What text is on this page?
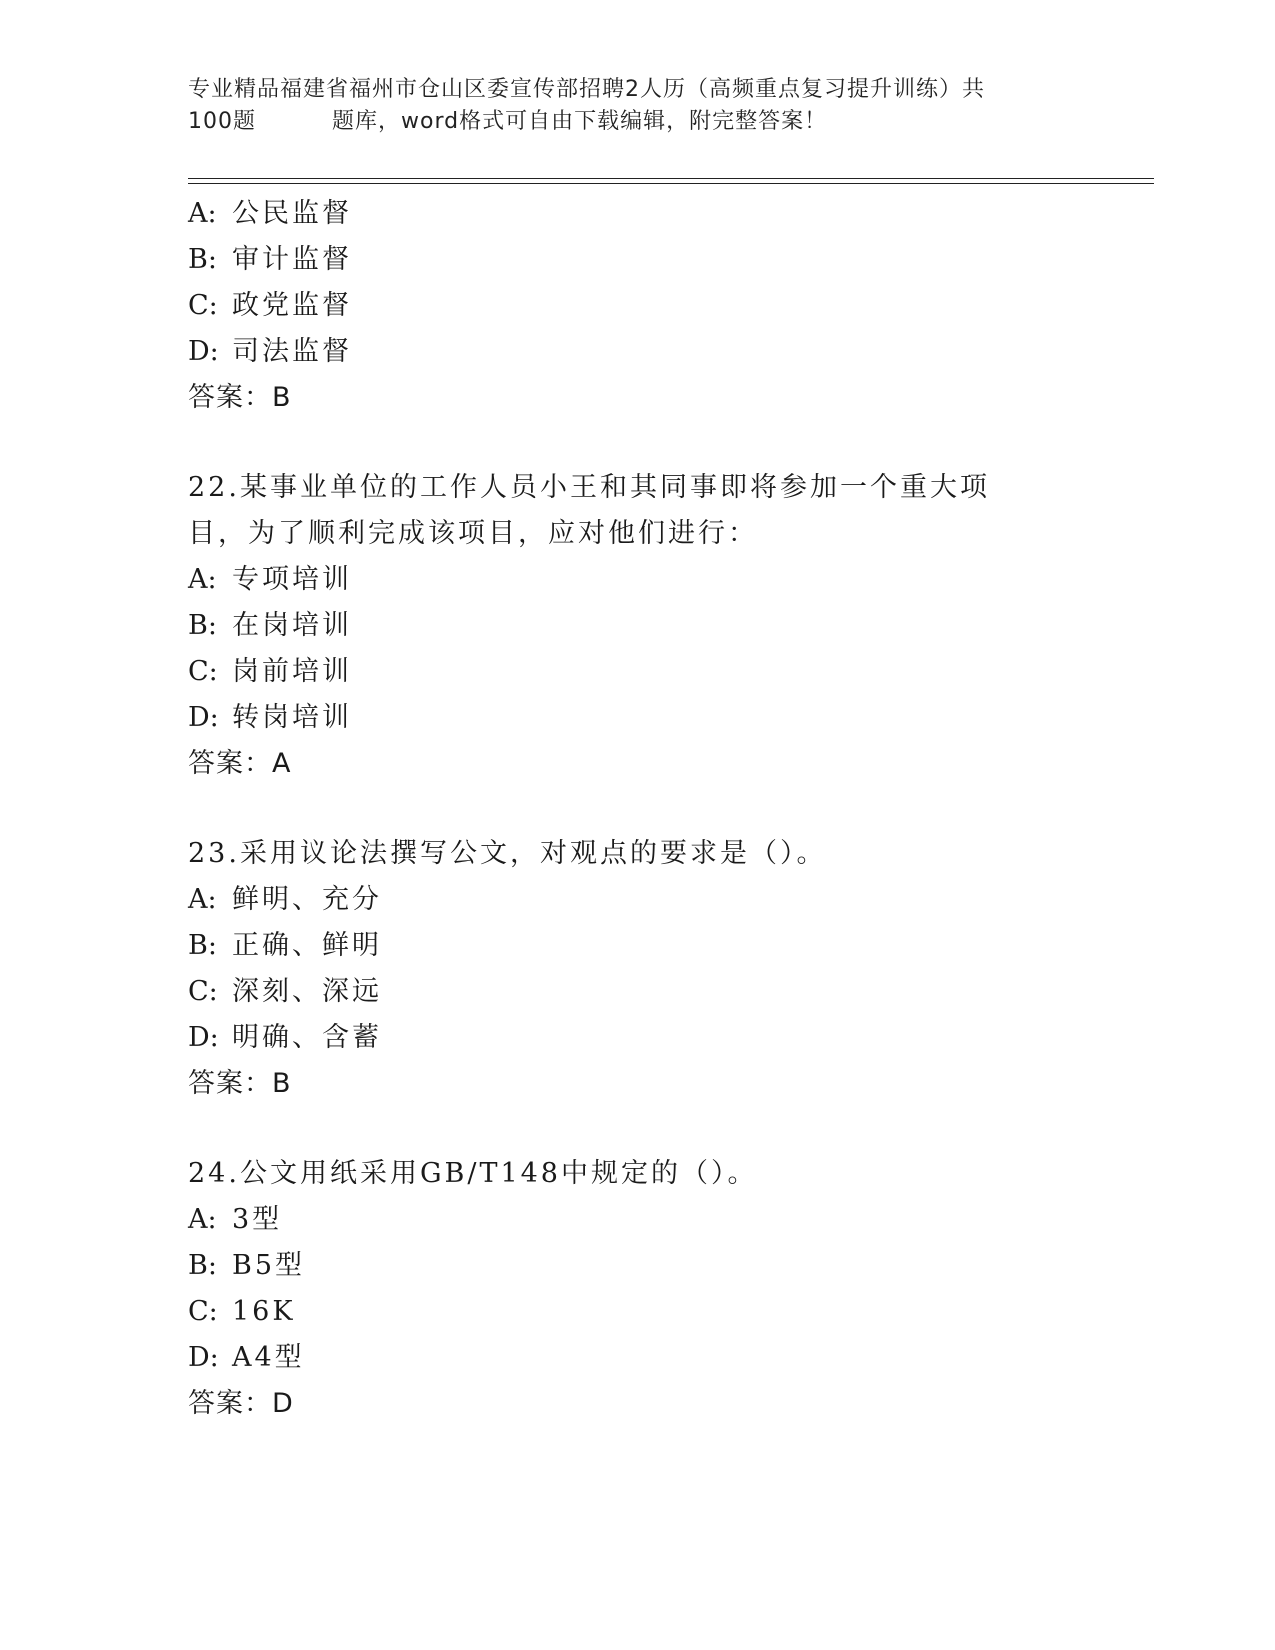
专业精品福建省福州市仓山区委宣传部招聘2人历（高频重点复习提升训练）共
100题	题库，word格式可自由下载编辑，附完整答案！
A: 公民监督
B: 审计监督
C: 政党监督
D: 司法监督
答案：B
22.某事业单位的工作人员小王和其同事即将参加一个重大项目，为了顺利完成该项目，应对他们进行：
A: 专项培训
B: 在岗培训
C: 岗前培训
D: 转岗培训
答案：A
23.采用议论法撰写公文，对观点的要求是（）。
A: 鲜明、充分
B: 正确、鲜明
C: 深刻、深远
D: 明确、含蓄
答案：B
24.公文用纸采用GB/T148中规定的（）。
A: 3型
B: B5型
C: 16K
D: A4型
答案：D
